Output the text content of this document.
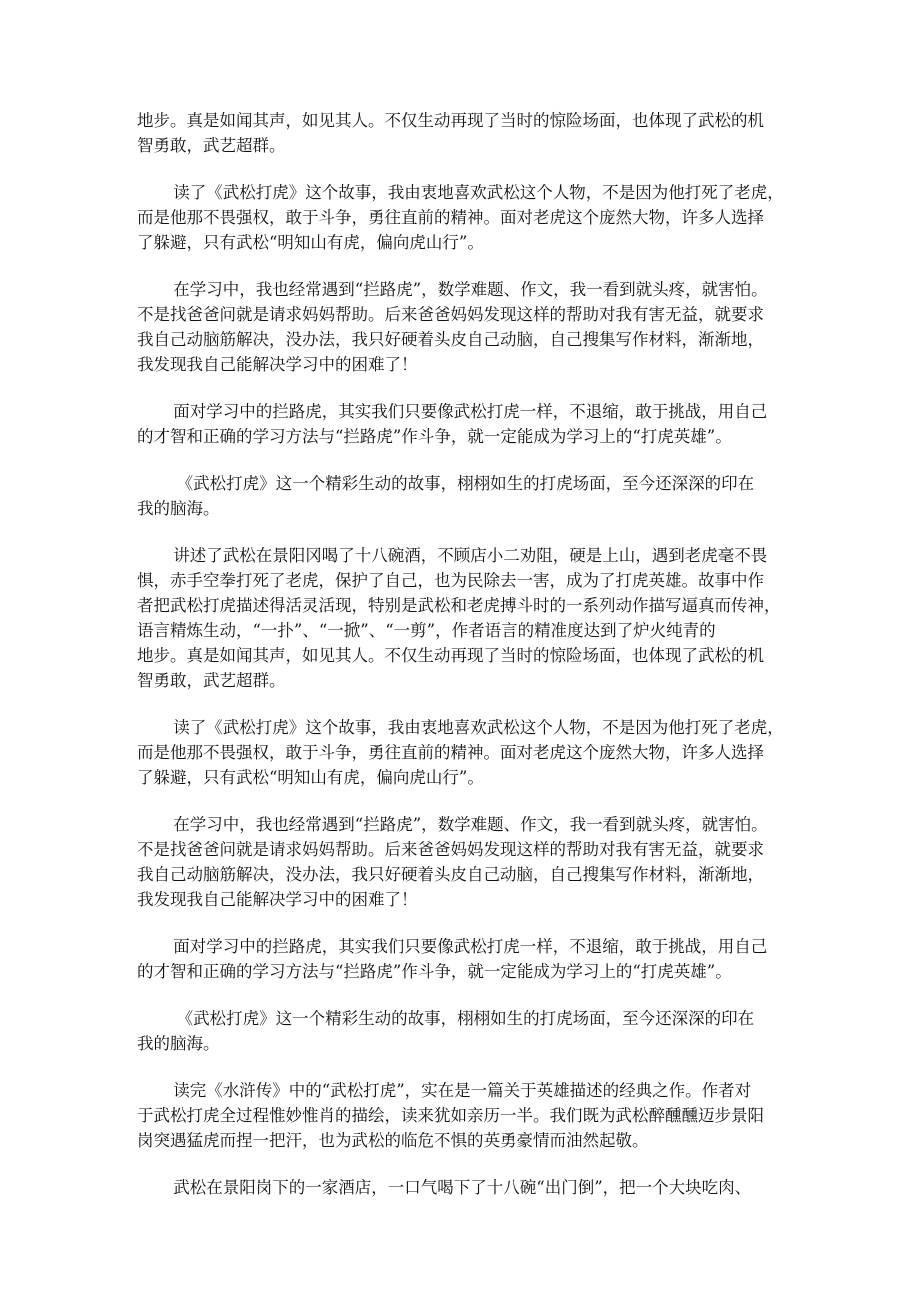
地步。真是如闻其声，如见其人。不仅生动再现了当时的惊险场面，也体现了武松的机
智勇敢，武艺超群。

读了《武松打虎》这个故事，我由衷地喜欢武松这个人物，不是因为他打死了老虎，
而是他那不畏强权，敢于斗争，勇往直前的精神。面对老虎这个庞然大物，许多人选择
了躲避，只有武松“明知山有虎，偏向虎山行”。

在学习中，我也经常遇到“拦路虎”，数学难题、作文，我一看到就头疼，就害怕。
不是找爸爸问就是请求妈妈帮助。后来爸爸妈妈发现这样的帮助对我有害无益，就要求
我自己动脑筋解决，没办法，我只好硬着头皮自己动脑，自己搜集写作材料，渐渐地，
我发现我自己能解决学习中的困难了！

面对学习中的拦路虎，其实我们只要像武松打虎一样，不退缩，敢于挑战，用自己
的才智和正确的学习方法与“拦路虎”作斗争，就一定能成为学习上的“打虎英雄”。

《武松打虎》这一个精彩生动的故事，栩栩如生的打虎场面，至今还深深的印在
我的脑海。

讲述了武松在景阳冈喝了十八碗酒，不顾店小二劝阻，硬是上山，遇到老虎毫不畏
惧，赤手空拳打死了老虎，保护了自己，也为民除去一害，成为了打虎英雄。故事中作
者把武松打虎描述得活灵活现，特别是武松和老虎搏斗时的一系列动作描写逼真而传神，
语言精炼生动，“一扑”、“一掀”、“一剪”，作者语言的精准度达到了炉火纯青的
地步。真是如闻其声，如见其人。不仅生动再现了当时的惊险场面，也体现了武松的机
智勇敢，武艺超群。

读了《武松打虎》这个故事，我由衷地喜欢武松这个人物，不是因为他打死了老虎，
而是他那不畏强权，敢于斗争，勇往直前的精神。面对老虎这个庞然大物，许多人选择
了躲避，只有武松“明知山有虎，偏向虎山行”。

在学习中，我也经常遇到“拦路虎”，数学难题、作文，我一看到就头疼，就害怕。
不是找爸爸问就是请求妈妈帮助。后来爸爸妈妈发现这样的帮助对我有害无益，就要求
我自己动脑筋解决，没办法，我只好硬着头皮自己动脑，自己搜集写作材料，渐渐地，
我发现我自己能解决学习中的困难了！

面对学习中的拦路虎，其实我们只要像武松打虎一样，不退缩，敢于挑战，用自己
的才智和正确的学习方法与“拦路虎”作斗争，就一定能成为学习上的“打虎英雄”。

《武松打虎》这一个精彩生动的故事，栩栩如生的打虎场面，至今还深深的印在
我的脑海。

读完《水浒传》中的“武松打虎”，实在是一篇关于英雄描述的经典之作。作者对
于武松打虎全过程惟妙惟肖的描绘，读来犹如亲历一半。我们既为武松醉醺醺迈步景阳
岗突遇猛虎而捏一把汗，也为武松的临危不惧的英勇豪情而油然起敬。

武松在景阳岗下的一家酒店，一口气喝下了十八碗“出门倒”，把一个大块吃肉、
